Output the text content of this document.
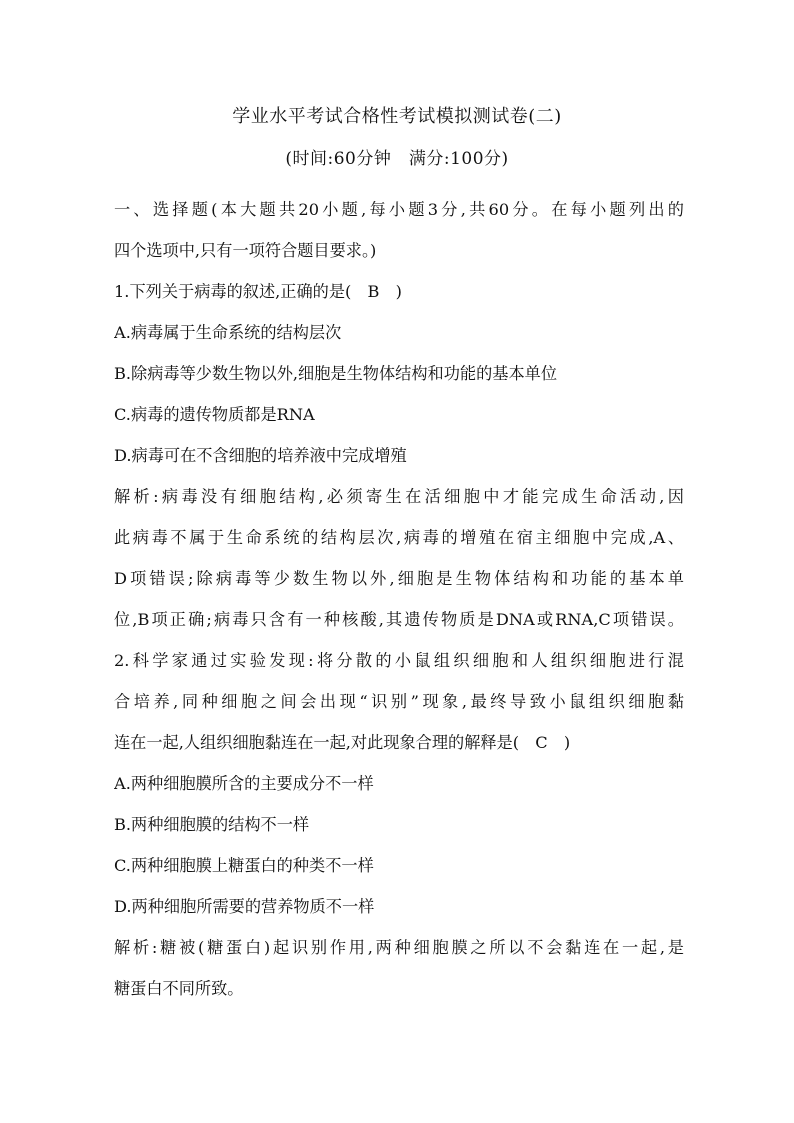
学业水平考试合格性考试模拟测试卷(二)
(时间:60分钟　满分:100分)
一、选择题(本大题共20小题,每小题3分,共60分。在每小题列出的
四个选项中,只有一项符合题目要求。)
1.下列关于病毒的叙述,正确的是(　B　)
A.病毒属于生命系统的结构层次
B.除病毒等少数生物以外,细胞是生物体结构和功能的基本单位
C.病毒的遗传物质都是RNA
D.病毒可在不含细胞的培养液中完成增殖
解析:病毒没有细胞结构,必须寄生在活细胞中才能完成生命活动,因
此病毒不属于生命系统的结构层次,病毒的增殖在宿主细胞中完成,A、
D项错误;除病毒等少数生物以外,细胞是生物体结构和功能的基本单
位,B项正确;病毒只含有一种核酸,其遗传物质是DNA或RNA,C项错误。
2.科学家通过实验发现:将分散的小鼠组织细胞和人组织细胞进行混
合培养,同种细胞之间会出现“识别”现象,最终导致小鼠组织细胞黏
连在一起,人组织细胞黏连在一起,对此现象合理的解释是(　C　)
A.两种细胞膜所含的主要成分不一样
B.两种细胞膜的结构不一样
C.两种细胞膜上糖蛋白的种类不一样
D.两种细胞所需要的营养物质不一样
解析:糖被(糖蛋白)起识别作用,两种细胞膜之所以不会黏连在一起,是
糖蛋白不同所致。
